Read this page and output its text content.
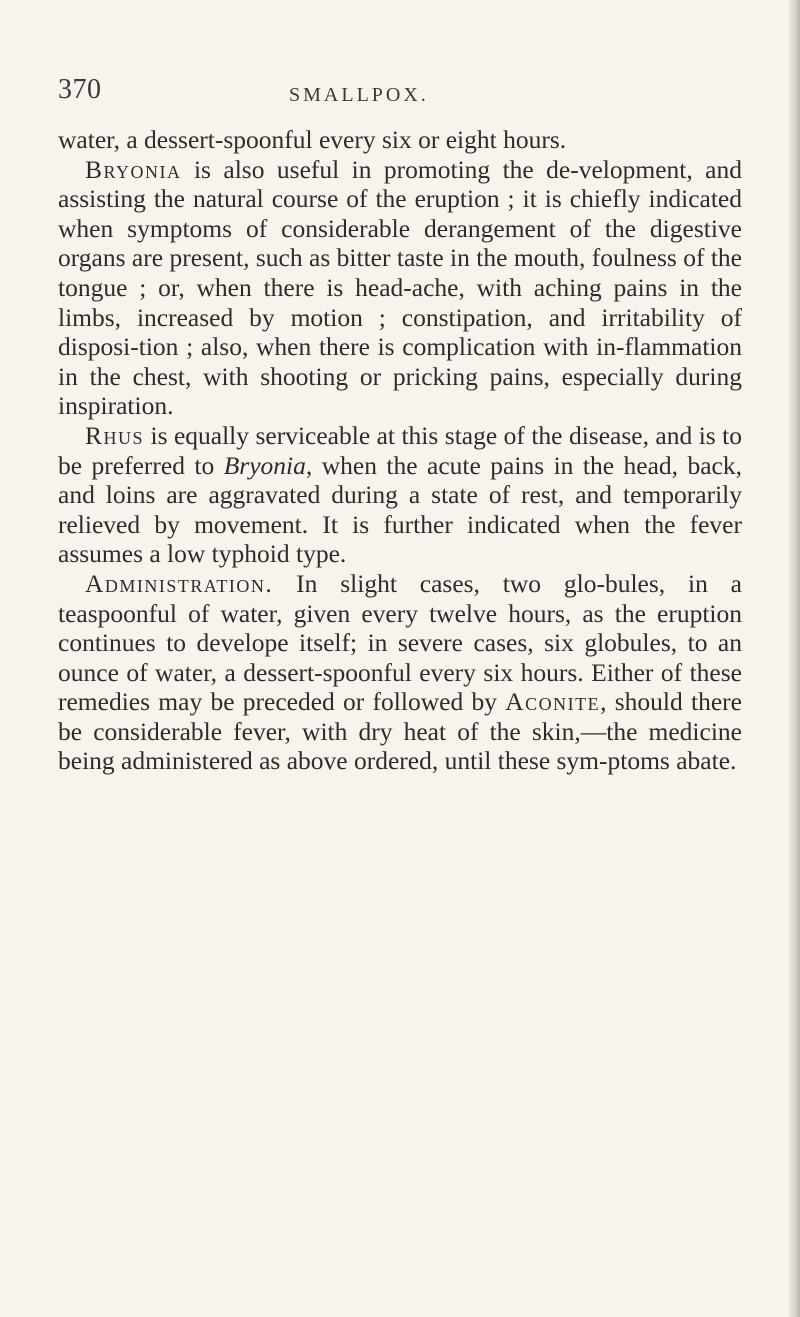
370	SMALLPOX.

water, a dessert-spoonful every six or eight hours.

Bryonia is also useful in promoting the de-velopment, and assisting the natural course of the eruption ; it is chiefly indicated when symptoms of considerable derangement of the digestive organs are present, such as bitter taste in the mouth, foulness of the tongue ; or, when there is head-ache, with aching pains in the limbs, increased by motion ; constipation, and irritability of disposi-tion ; also, when there is complication with in-flammation in the chest, with shooting or pricking pains, especially during inspiration.

Rhus is equally serviceable at this stage of the disease, and is to be preferred to Bryonia, when the acute pains in the head, back, and loins are aggravated during a state of rest, and temporarily relieved by movement. It is further indicated when the fever assumes a low typhoid type.

Administration. In slight cases, two glo-bules, in a teaspoonful of water, given every twelve hours, as the eruption continues to develope itself; in severe cases, six globules, to an ounce of water, a dessert-spoonful every six hours. Either of these remedies may be preceded or followed by Aconite, should there be considerable fever, with dry heat of the skin,—the medicine being administered as above ordered, until these sym-ptoms abate.
